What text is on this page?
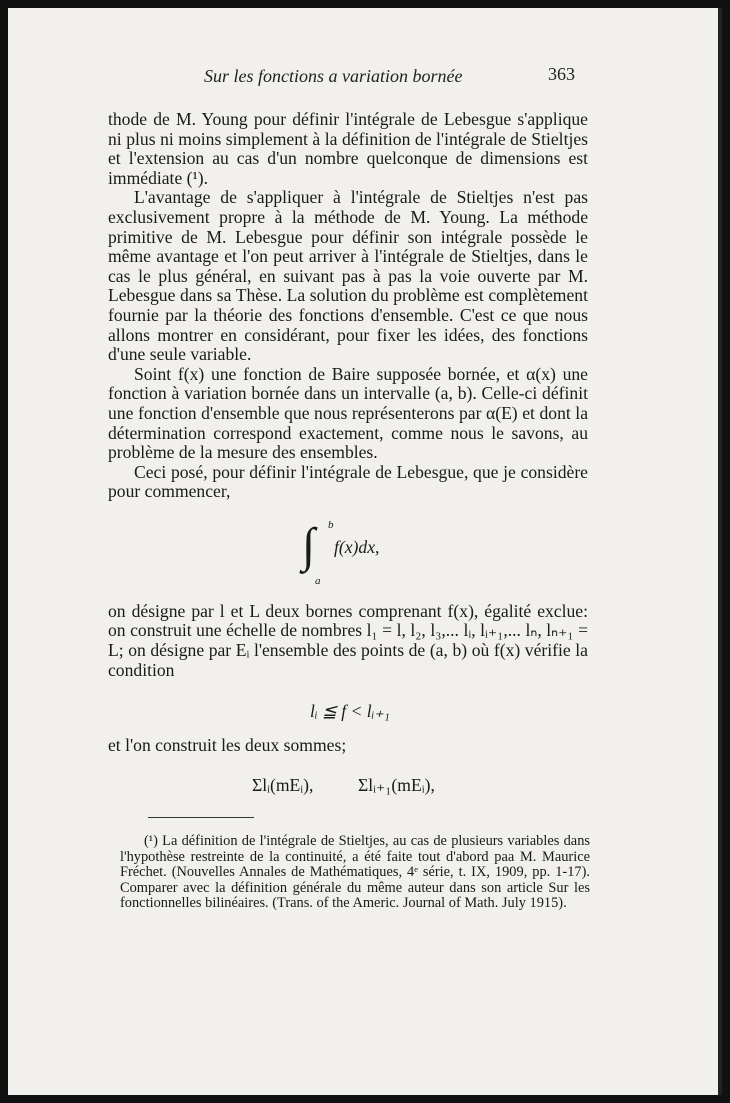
Sur les fonctions a variation bornée	363

thode de M. Young pour définir l'intégrale de Lebesgue s'applique ni plus ni moins simplement à la définition de l'intégrale de Stieltjes et l'extension au cas d'un nombre quelconque de dimensions est immédiate (¹).

L'avantage de s'appliquer à l'intégrale de Stieltjes n'est pas exclusivement propre à la méthode de M. Young. La méthode primitive de M. Lebesgue pour définir son intégrale possède le même avantage et l'on peut arriver à l'intégrale de Stieltjes, dans le cas le plus général, en suivant pas à pas la voie ouverte par M. Lebesgue dans sa Thèse. La solution du problème est complètement fournie par la théorie des fonctions d'ensemble. C'est ce que nous allons montrer en considérant, pour fixer les idées, des fonctions d'une seule variable.

Soint f(x) une fonction de Baire supposée bornée, et α(x) une fonction à variation bornée dans un intervalle (a, b). Celle-ci définit une fonction d'ensemble que nous représenterons par α(E) et dont la détermination correspond exactement, comme nous le savons, au problème de la mesure des ensembles.

Ceci posé, pour définir l'intégrale de Lebesgue, que je considère pour commencer,

∫ b
a
f(x)dx,

on désigne par l et L deux bornes comprenant f(x), égalité exclue: on construit une échelle de nombres l₁ = l, l₂, l₃,... lᵢ, lᵢ₊₁,... lₙ, lₙ₊₁ = L; on désigne par Eᵢ l'ensemble des points de (a, b) où f(x) vérifie la condition

lᵢ ≦ f < lᵢ₊₁

et l'on construit les deux sommes;

Σlᵢ(mEᵢ),	Σlᵢ₊₁(mEᵢ),
(¹) La définition de l'intégrale de Stieltjes, au cas de plusieurs variables dans l'hypothèse restreinte de la continuité, a été faite tout d'abord paa M. Maurice Fréchet. (Nouvelles Annales de Mathématiques, 4ᵉ série, t. IX, 1909, pp. 1-17). Comparer avec la définition générale du même auteur dans son article Sur les fonctionnelles bilinéaires. (Trans. of the Americ. Journal of Math. July 1915).
